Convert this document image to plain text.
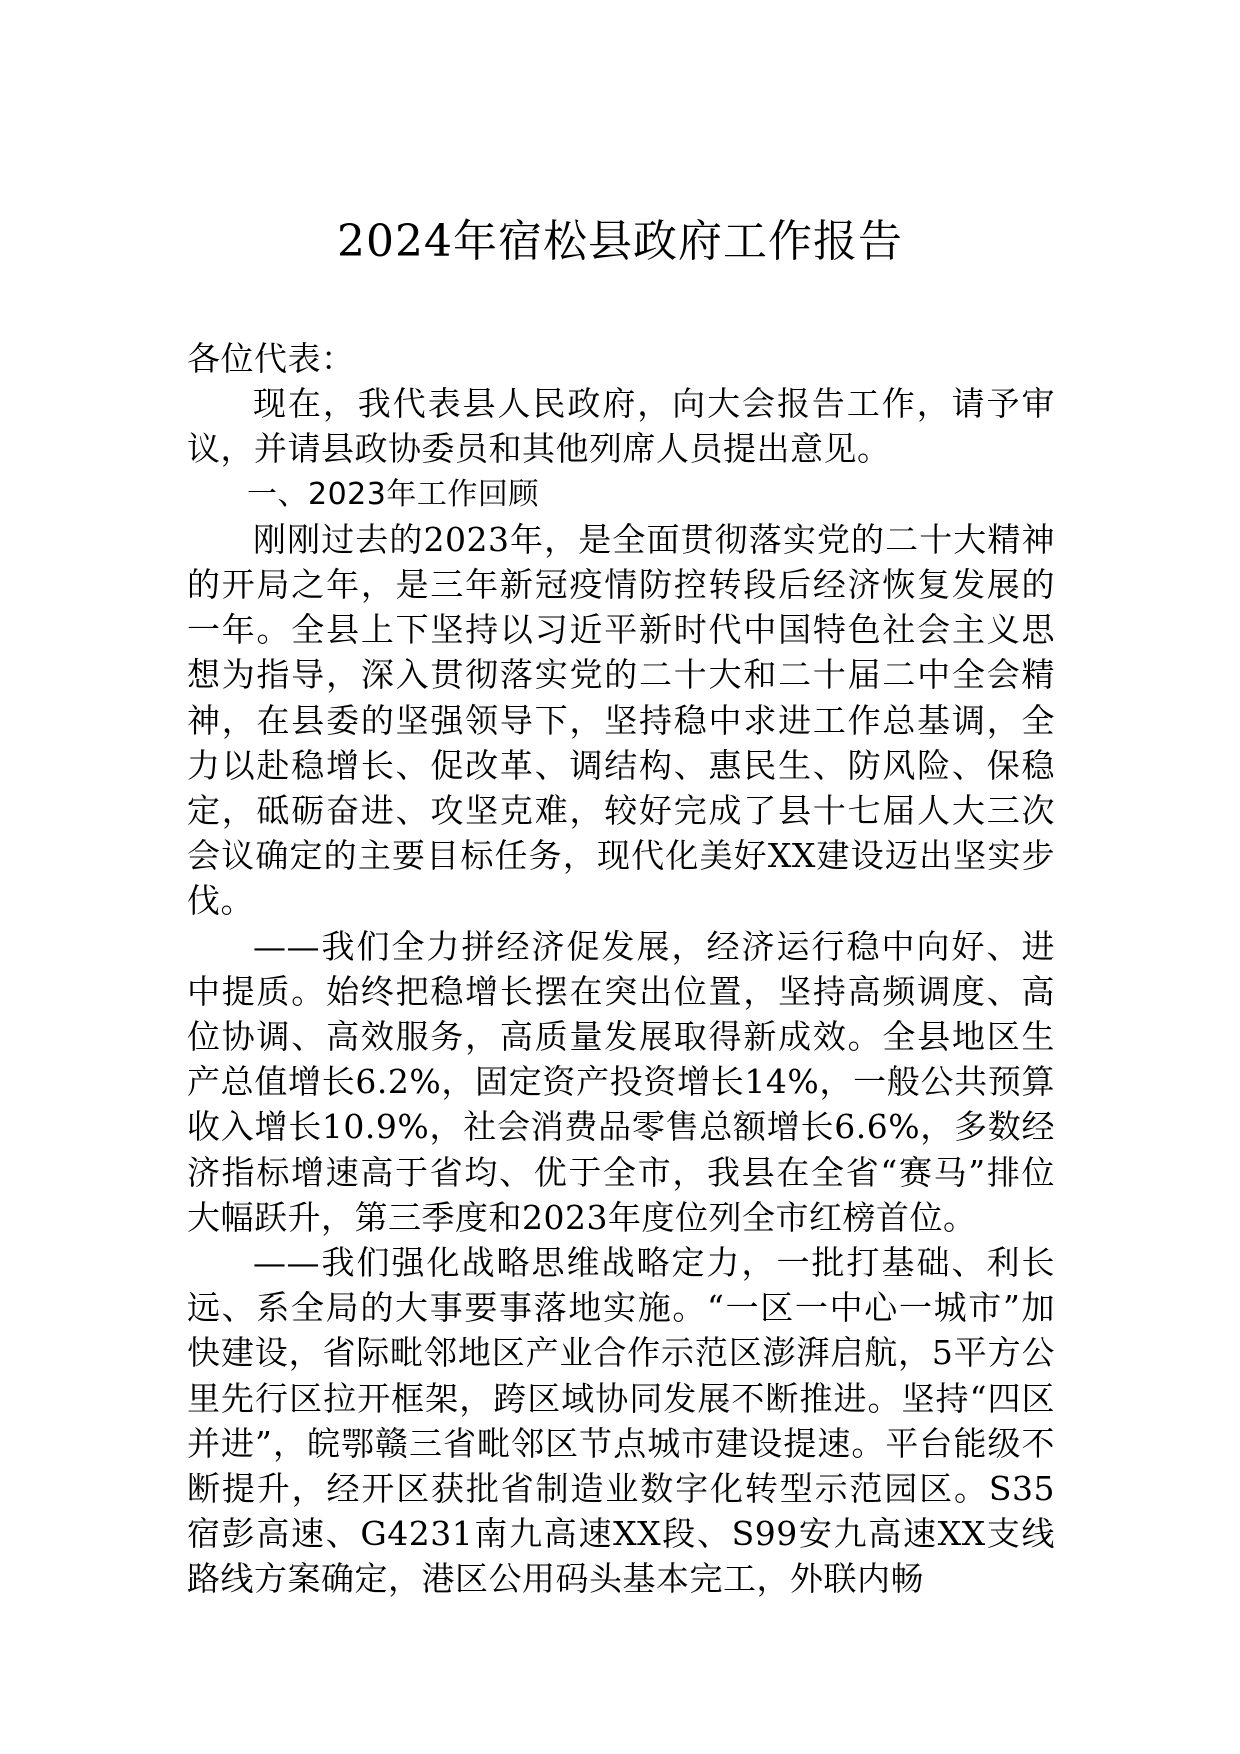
2024年宿松县政府工作报告

各位代表：

现在，我代表县人民政府，向大会报告工作，请予审议，并请县政协委员和其他列席人员提出意见。

一、2023年工作回顾

刚刚过去的2023年，是全面贯彻落实党的二十大精神的开局之年，是三年新冠疫情防控转段后经济恢复发展的一年。全县上下坚持以习近平新时代中国特色社会主义思想为指导，深入贯彻落实党的二十大和二十届二中全会精神，在县委的坚强领导下，坚持稳中求进工作总基调，全力以赴稳增长、促改革、调结构、惠民生、防风险、保稳定，砥砺奋进、攻坚克难，较好完成了县十七届人大三次会议确定的主要目标任务，现代化美好XX建设迈出坚实步伐。

——我们全力拼经济促发展，经济运行稳中向好、进中提质。始终把稳增长摆在突出位置，坚持高频调度、高位协调、高效服务，高质量发展取得新成效。全县地区生产总值增长6.2%，固定资产投资增长14%，一般公共预算收入增长10.9%，社会消费品零售总额增长6.6%，多数经济指标增速高于省均、优于全市，我县在全省“赛马”排位大幅跃升，第三季度和2023年度位列全市红榜首位。

——我们强化战略思维战略定力，一批打基础、利长远、系全局的大事要事落地实施。“一区一中心一城市”加快建设，省际毗邻地区产业合作示范区澎湃启航，5平方公里先行区拉开框架，跨区域协同发展不断推进。坚持“四区并进”，皖鄂赣三省毗邻区节点城市建设提速。平台能级不断提升，经开区获批省制造业数字化转型示范园区。S35宿彭高速、G4231南九高速XX段、S99安九高速XX支线路线方案确定，港区公用码头基本完工，外联内畅
